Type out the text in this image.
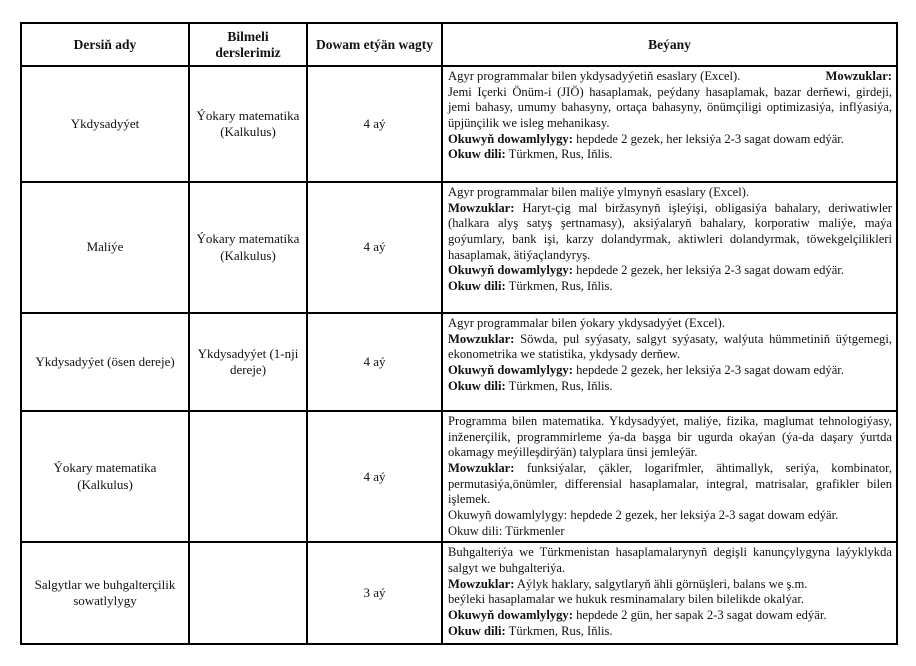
Dersiň ady	Bilmeli derslerimiz	Dowam etýän wagty	Beýany
Ykdysadyýet	Ýokary matematika (Kalkulus)	4 aý	Agyr programmalar bilen ykdysadyýetiň esaslary (Excel). Mowzuklar:
Jemi Içerki Önüm-i (JIÖ) hasaplamak, peýdany hasaplamak, bazar derňewi, girdeji, jemi bahasy, umumy bahasyny, ortaça bahasyny, önümçiligi optimizasiýa, inflýasiýa, üpjünçilik we isleg mehanikasy.
Okuwyň dowamlylygy: hepdede 2 gezek, her leksiýa 2-3 sagat dowam edýär.
Okuw dili: Türkmen, Rus, Iňlis.

Maliýe	Ýokary matematika (Kalkulus)	4 aý	Agyr programmalar bilen maliýe ylmynyň esaslary (Excel).
Mowzuklar: Haryt-çig mal biržasynyň işleýişi, obligasiýa bahalary, deriwatiwler (halkara alyş satyş şertnamasy), aksiýalaryň bahalary, korporatiw maliýe, maýa goýumlary, bank işi, karzy dolandyrmak, aktiwleri dolandyrmak, töwekgelçilikleri hasaplamak, ätiýaçlandyryş.
Okuwyň dowamlylygy: hepdede 2 gezek, her leksiýa 2-3 sagat dowam edýär.
Okuw dili: Türkmen, Rus, Iňlis.

Ykdysadyýet (ösen dereje)	Ykdysadyýet (1-nji dereje)	4 aý	Agyr programmalar bilen ýokary ykdysadyýet (Excel).
Mowzuklar: Söwda, pul syýasaty, salgyt syýasaty, walýuta hümmetiniň üýtgemegi, ekonometrika we statistika, ykdysady derňew.
Okuwyň dowamlylygy: hepdede 2 gezek, her leksiýa 2-3 sagat dowam edýär.
Okuw dili: Türkmen, Rus, Iňlis.

Ýokary matematika (Kalkulus)		4 aý	Programma bilen matematika. Ykdysadyýet, maliýe, fizika, maglumat tehnologiýasy, inženerçilik, programmirleme ýa-da başga bir ugurda okaýan (ýa-da daşary ýurtda okamagy meýilleşdirýän) talyplara ünsi jemleýär.
Mowzuklar: funksiýalar, çäkler, logarifmler, ähtimallyk, seriýa, kombinator, permutasiýa,önümler, differensial hasaplamalar, integral, matrisalar, grafikler bilen işlemek.
Okuwyň dowamlylygy: hepdede 2 gezek, her leksiýa 2-3 sagat dowam edýär.
Okuw dili: Türkmenler

Salgytlar we buhgalterçilik sowatlylygy		3 aý	Buhgalteriýa we Türkmenistan hasaplamalarynyň degişli kanunçylygyna laýyklykda salgyt we buhgalteriýa.
Mowzuklar: Aýlyk haklary, salgytlaryň ähli görnüşleri, balans we ş.m.
beýleki hasaplamalar we hukuk resminamalary bilen bilelikde okalýar.
Okuwyň dowamlylygy: hepdede 2 gün, her sapak 2-3 sagat dowam edýär.
Okuw dili: Türkmen, Rus, Iňlis.
